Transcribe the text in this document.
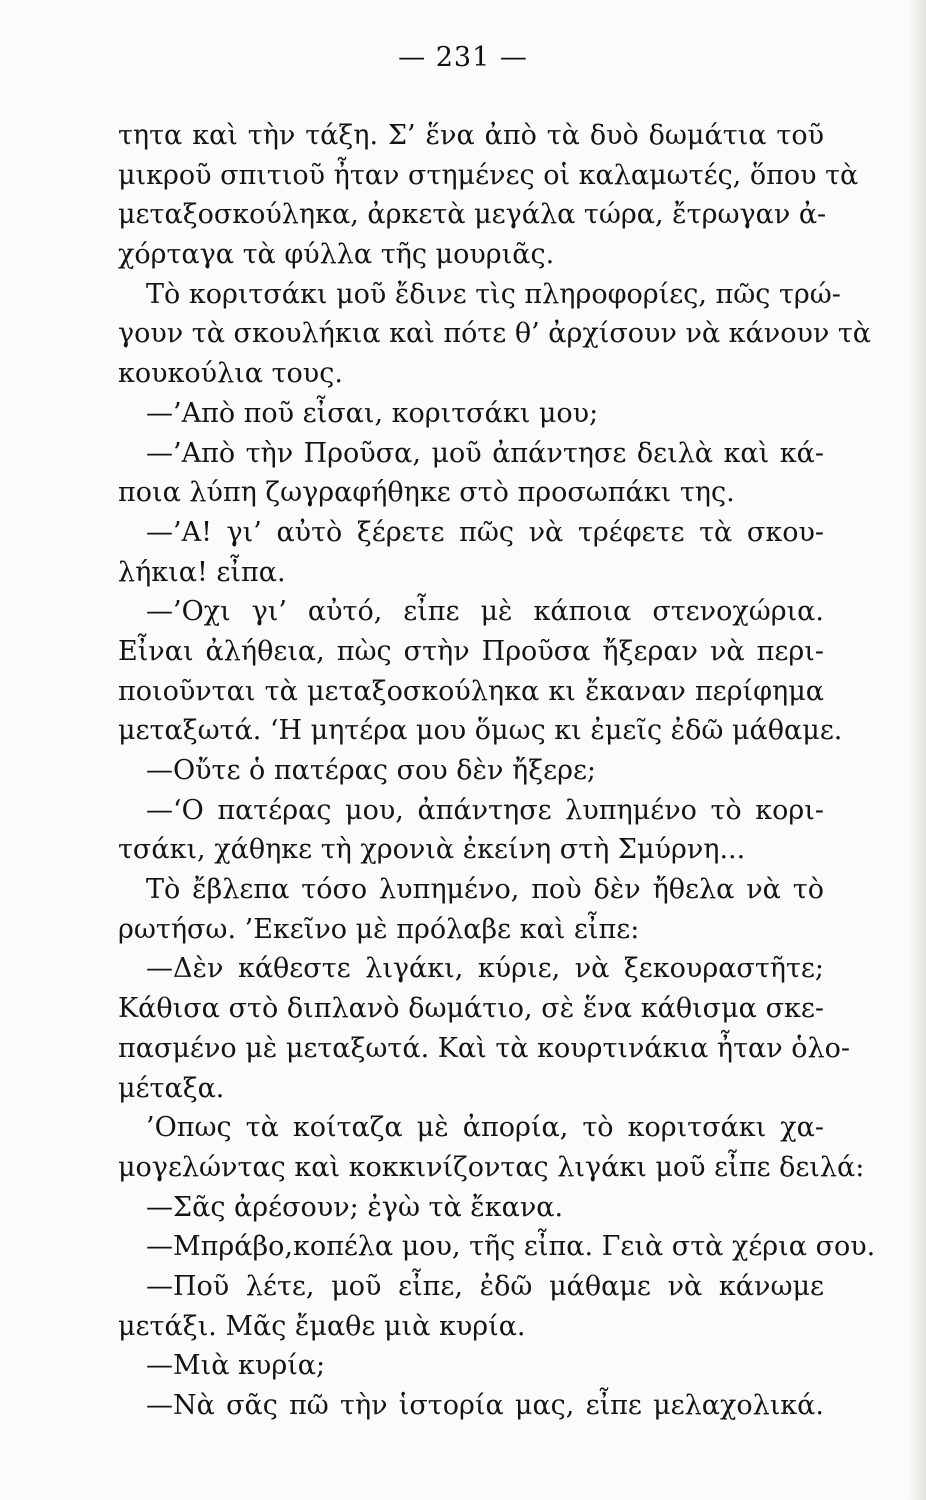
— 231 —
τητα καὶ τὴν τάξη. Σ’ ἕνα ἀπὸ τὰ δυὸ δωμάτια τοῦ
μικροῦ σπιτιοῦ ἦταν στημένες οἱ καλαμωτές, ὅπου τὰ
μεταξοσκούληκα, ἀρκετὰ μεγάλα τώρα, ἔτρωγαν ἀ-
χόρταγα τὰ φύλλα τῆς μουριᾶς.
Τὸ κοριτσάκι μοῦ ἔδινε τὶς πληροφορίες, πῶς τρώ-
γουν τὰ σκουλήκια καὶ πότε θ’ ἀρχίσουν νὰ κάνουν τὰ
κουκούλια τους.
—’Απὸ ποῦ εἶσαι, κοριτσάκι μου;
—’Απὸ τὴν Προῦσα, μοῦ ἀπάντησε δειλὰ καὶ κά-
ποια λύπη ζωγραφήθηκε στὸ προσωπάκι της.
—’Α! γι’ αὐτὸ ξέρετε πῶς νὰ τρέφετε τὰ σκου-
λήκια! εἶπα.
—’Οχι γι’ αὐτό, εἶπε μὲ κάποια στενοχώρια.
Εἶναι ἀλήθεια, πὼς στὴν Προῦσα ἤξεραν νὰ περι-
ποιοῦνται τὰ μεταξοσκούληκα κι ἔκαναν περίφημα
μεταξωτά. ‘Η μητέρα μου ὅμως κι ἐμεῖς ἐδῶ μάθαμε.
—Οὔτε ὁ πατέρας σου δὲν ἤξερε;
—‘Ο πατέρας μου, ἀπάντησε λυπημένο τὸ κορι-
τσάκι, χάθηκε τὴ χρονιὰ ἐκείνη στὴ Σμύρνη...
Τὸ ἔβλεπα τόσο λυπημένο, ποὺ δὲν ἤθελα νὰ τὸ
ρωτήσω. ’Εκεῖνο μὲ πρόλαβε καὶ εἶπε:
—Δὲν κάθεστε λιγάκι, κύριε, νὰ ξεκουραστῆτε;
Κάθισα στὸ διπλανὸ δωμάτιο, σὲ ἕνα κάθισμα σκε-
πασμένο μὲ μεταξωτά. Καὶ τὰ κουρτινάκια ἦταν ὁλο-
μέταξα.
’Οπως τὰ κοίταζα μὲ ἀπορία, τὸ κοριτσάκι χα-
μογελώντας καὶ κοκκινίζοντας λιγάκι μοῦ εἶπε δειλά:
—Σᾶς ἀρέσουν; ἐγὼ τὰ ἔκανα.
—Μπράβο,κοπέλα μου, τῆς εἶπα. Γειὰ στὰ χέρια σου.
—Ποῦ λέτε, μοῦ εἶπε, ἐδῶ μάθαμε νὰ κάνωμε
μετάξι. Μᾶς ἔμαθε μιὰ κυρία.
—Μιὰ κυρία;
—Νὰ σᾶς πῶ τὴν ἱστορία μας, εἶπε μελαχολικά.
